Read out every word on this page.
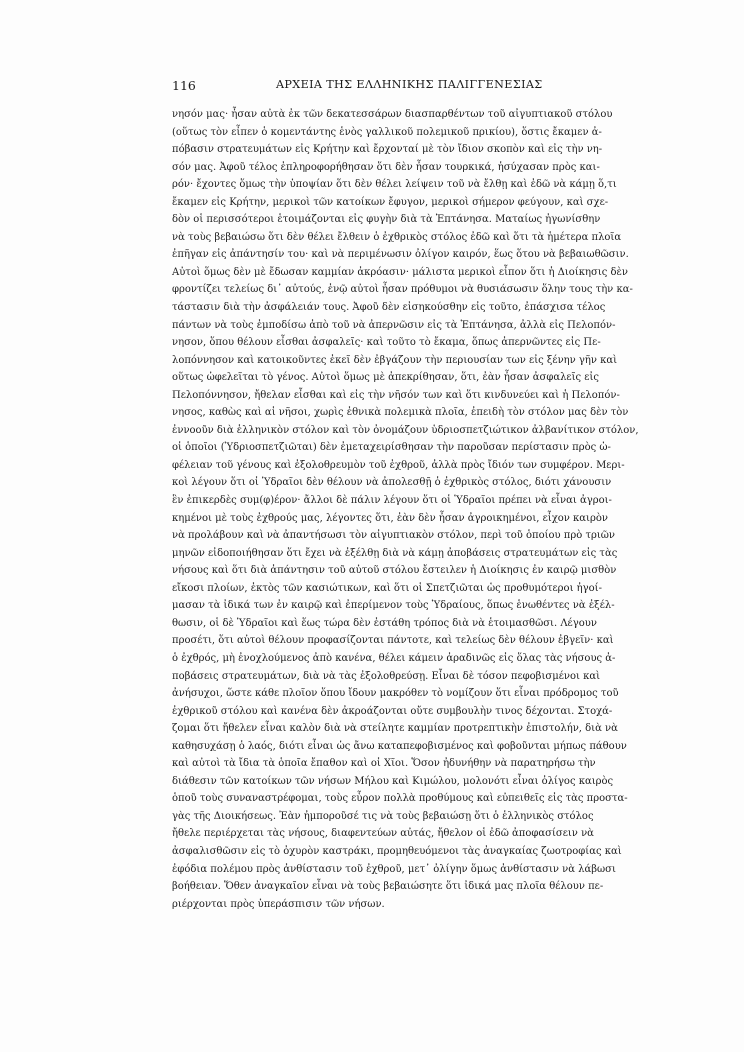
116	ΑΡΧΕΙΑ ΤΗΣ ΕΛΛΗΝΙΚΗΣ ΠΑΛΙΓΓΕΝΕΣΙΑΣ
νησόν μας· ἦσαν αὐτὰ ἐκ τῶν δεκατεσσάρων διασπαρθέντων τοῦ αἰγυπτιακοῦ στόλου
(οὕτως τὸν εἶπεν ὁ κομεντάντης ἑνὸς γαλλικοῦ πολεμικοῦ πρικίου), ὅστις ἔκαμεν ἀ-
πόβασιν στρατευμάτων εἰς Κρήτην καὶ ἔρχονταί μὲ τὸν ἴδιον σκοπὸν καὶ εἰς τὴν νη-
σόν μας. Ἀφοῦ τέλος ἐπληροφορήθησαν ὅτι δὲν ἦσαν τουρκικά, ἡσύχασαν πρὸς και-
ρόν· ἔχοντες ὅμως τὴν ὑποψίαν ὅτι δὲν θέλει λείψειν τοῦ νὰ ἔλθῃ καὶ ἐδῶ νὰ κάμῃ ὅ,τι
ἔκαμεν εἰς Κρήτην, μερικοὶ τῶν κατοίκων ἔφυγον, μερικοὶ σήμερον φεύγουν, καὶ σχε-
δὸν οἱ περισσότεροι ἑτοιμάζονται εἰς φυγὴν διὰ τὰ Ἑπτάνησα. Ματαίως ἠγωνίσθην
νὰ τοὺς βεβαιώσω ὅτι δὲν θέλει ἔλθειν ὁ ἐχθρικὸς στόλος ἐδῶ καὶ ὅτι τὰ ἡμέτερα πλοῖα
ἐπῆγαν εἰς ἀπάντησίν του· καὶ νὰ περιμένωσιν ὀλίγον καιρόν, ἕως ὅτου νὰ βεβαιωθῶσιν.
Αὐτοὶ ὅμως δὲν μὲ ἔδωσαν καμμίαν ἀκρόασιν· μάλιστα μερικοὶ εἶπον ὅτι ἡ Διοίκησις δὲν
φροντίζει τελείως δι᾽ αὐτούς, ἐνῷ αὐτοὶ ἦσαν πρόθυμοι νὰ θυσιάσωσιν ὅλην τους τὴν κα-
τάστασιν διὰ τὴν ἀσφάλειάν τους. Ἀφοῦ δὲν εἰσηκούσθην εἰς τοῦτο, ἐπάσχισα τέλος
πάντων νὰ τοὺς ἐμποδίσω ἀπὸ τοῦ νὰ ἀπερνῶσιν εἰς τὰ Ἑπτάνησα, ἀλλὰ εἰς Πελοπόν-
νησον, ὅπου θέλουν εἶσθαι ἀσφαλεῖς· καὶ τοῦτο τὸ ἔκαμα, ὅπως ἀπερνῶντες εἰς Πε-
λοπόννησον καὶ κατοικοῦντες ἐκεῖ δὲν ἐβγάζουν τὴν περιουσίαν των εἰς ξένην γῆν καὶ
οὕτως ὠφελεῖται τὸ γένος. Αὐτοὶ ὅμως μὲ ἀπεκρίθησαν, ὅτι, ἐὰν ἦσαν ἀσφαλεῖς εἰς
Πελοπόννησον, ἤθελαν εἶσθαι καὶ εἰς τὴν νῆσόν των καὶ ὅτι κινδυνεύει καὶ ἡ Πελοπόν-
νησος, καθὼς καὶ αἱ νῆσοι, χωρὶς ἐθνικὰ πολεμικὰ πλοῖα, ἐπειδὴ τὸν στόλον μας δὲν τὸν
ἐννοοῦν διὰ ἑλληνικὸν στόλον καὶ τὸν ὀνομάζουν ὑδριοσπετζιώτικον ἀλβανίτικον στόλον,
οἱ ὁποῖοι (Ὑδριοσπετζιῶται) δὲν ἐμεταχειρίσθησαν τὴν παροῦσαν περίστασιν πρὸς ὠ-
φέλειαν τοῦ γένους καὶ ἐξολοθρευμὸν τοῦ ἐχθροῦ, ἀλλὰ πρὸς ἴδιόν των συμφέρον. Μερι-
κοὶ λέγουν ὅτι οἱ Ὑδραῖοι δὲν θέλουν νὰ ἀπολεσθῇ ὁ ἐχθρικὸς στόλος, διότι χάνουσιν
ἓν ἐπικερδὲς συμ(φ)έρον· ἄλλοι δὲ πάλιν λέγουν ὅτι οἱ Ὑδραῖοι πρέπει νὰ εἶναι ἀγροι-
κημένοι μὲ τοὺς ἐχθρούς μας, λέγοντες ὅτι, ἐὰν δὲν ἦσαν ἀγροικημένοι, εἶχον καιρὸν
νὰ προλάβουν καὶ νὰ ἀπαντήσωσι τὸν αἰγυπτιακὸν στόλον, περὶ τοῦ ὁποίου πρὸ τριῶν
μηνῶν εἰδοποιήθησαν ὅτι ἔχει νὰ ἐξέλθῃ διὰ νὰ κάμῃ ἀποβάσεις στρατευμάτων εἰς τὰς
νήσους καὶ ὅτι διὰ ἀπάντησιν τοῦ αὐτοῦ στόλου ἔστειλεν ἡ Διοίκησις ἐν καιρῷ μισθὸν
εἴκοσι πλοίων, ἐκτὸς τῶν κασιώτικων, καὶ ὅτι οἱ Σπετζιῶται ὡς προθυμότεροι ἠγοί-
μασαν τὰ ἰδικά των ἐν καιρῷ καὶ ἐπερίμενον τοὺς Ὑδραίους, ὅπως ἑνωθέντες νὰ ἐξέλ-
θωσιν, οἱ δὲ Ὑδραῖοι καὶ ἕως τώρα δὲν ἐστάθη τρόπος διὰ νὰ ἑτοιμασθῶσι. Λέγουν
προσέτι, ὅτι αὐτοὶ θέλουν προφασίζονται πάντοτε, καὶ τελείως δὲν θέλουν ἐβγεῖν· καὶ
ὁ ἐχθρός, μὴ ἐνοχλούμενος ἀπὸ κανένα, θέλει κάμειν ἀραδινῶς εἰς ὅλας τὰς νήσους ἀ-
ποβάσεις στρατευμάτων, διὰ νὰ τὰς ἐξολοθρεύσῃ. Εἶναι δὲ τόσον πεφοβισμένοι καὶ
ἀνήσυχοι, ὥστε κάθε πλοῖον ὅπου ἴδουν μακρόθεν τὸ νομίζουν ὅτι εἶναι πρόδρομος τοῦ
ἐχθρικοῦ στόλου καὶ κανένα δὲν ἀκροάζονται οὔτε συμβουλὴν τινος δέχονται. Στοχά-
ζομαι ὅτι ἤθελεν εἶναι καλὸν διὰ νὰ στείλητε καμμίαν προτρεπτικὴν ἐπιστολήν, διὰ νὰ
καθησυχάσῃ ὁ λαός, διότι εἶναι ὡς ἄνω καταπεφοβισμένος καὶ φοβοῦνται μήπως πάθουν
καὶ αὐτοὶ τὰ ἴδια τὰ ὁποῖα ἔπαθον καὶ οἱ Χῖοι. Ὅσον ἠδυνήθην νὰ παρατηρήσω τὴν
διάθεσιν τῶν κατοίκων τῶν νήσων Μήλου καὶ Κιμώλου, μολονότι εἶναι ὀλίγος καιρὸς
ὁποῦ τοὺς συναναστρέφομαι, τοὺς εὗρον πολλὰ προθύμους καὶ εὐπειθεῖς εἰς τὰς προστα-
γὰς τῆς Διοικήσεως. Ἐὰν ἠμποροῦσέ τις νὰ τοὺς βεβαιώσῃ ὅτι ὁ ἑλληνικὸς στόλος
ἤθελε περιέρχεται τὰς νήσους, διαφεντεύων αὐτάς, ἤθελον οἱ ἐδῶ ἀποφασίσειν νὰ
ἀσφαλισθῶσιν εἰς τὸ ὀχυρὸν καστράκι, προμηθευόμενοι τὰς ἀναγκαίας ζωοτροφίας καὶ
ἐφόδια πολέμου πρὸς ἀνθίστασιν τοῦ ἐχθροῦ, μετ᾽ ὀλίγην ὅμως ἀνθίστασιν νὰ λάβωσι
βοήθειαν. Ὅθεν ἀναγκαῖον εἶναι νὰ τοὺς βεβαιώσητε ὅτι ἰδικά μας πλοῖα θέλουν πε-
ριέρχονται πρὸς ὑπεράσπισιν τῶν νήσων.
